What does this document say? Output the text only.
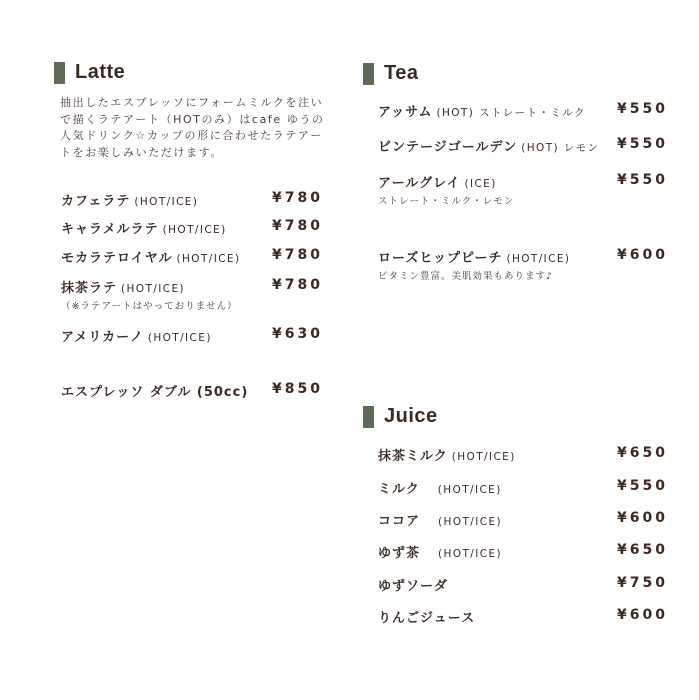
Latte
抽出したエスプレッソにフォームミルクを注いで描くラテアート（HOTのみ）はcafe ゆうの人気ドリンク☆カップの形に合わせたラテアートをお楽しみいただけます。
カフェラテ (HOT/ICE)	¥780
キャラメルラテ (HOT/ICE)	¥780
モカラテロイヤル (HOT/ICE) ¥780
抹茶ラテ (HOT/ICE)
（※ラテアートはやっておりません）
¥780
アメリカーノ (HOT/ICE)	¥630
エスプレッソ ダブル (50cc) ¥850
Tea
アッサム (HOT) ストレート・ミルク ¥550
ビンテージゴールデン (HOT) レモン ¥550
アールグレイ (ICE)
ストレート・ミルク・レモン
¥550
ローズヒップピーチ (HOT/ICE)
ビタミン豊富。美肌効果もあります♪
¥600
Juice
抹茶ミルク (HOT/ICE)	¥650
ミルク (HOT/ICE)	¥550
ココア (HOT/ICE)	¥600
ゆず茶 (HOT/ICE)	¥650
ゆずソーダ	¥750
りんごジュース	¥600
